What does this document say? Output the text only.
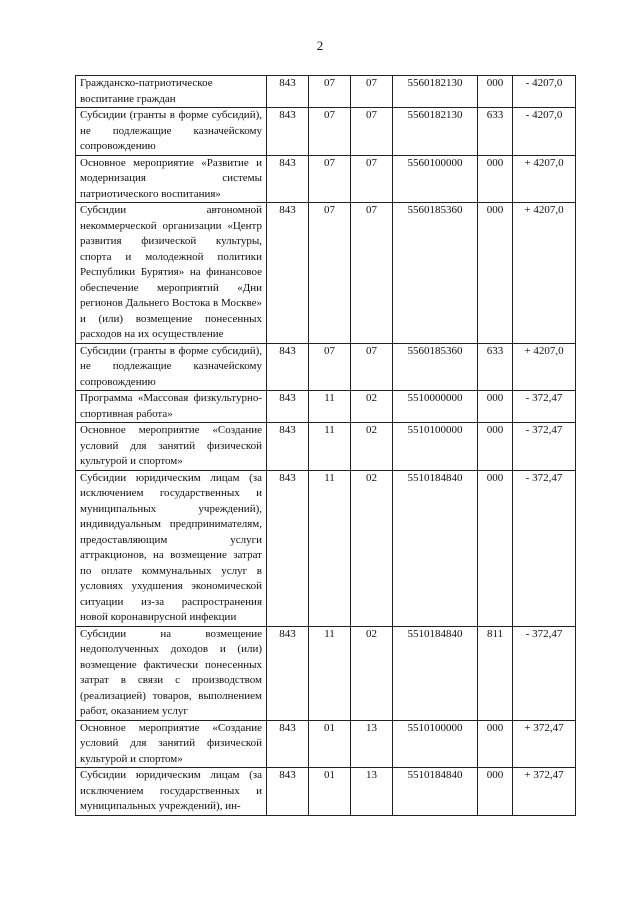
2
Гражданско-патриотическое воспитание граждан	843	07	07	5560182130	000	- 4207,0
Субсидии (гранты в форме субсидий), не подлежащие казначейскому сопровождению	843	07	07	5560182130	633	- 4207,0
Основное мероприятие «Развитие и модернизация системы патриотического воспитания»	843	07	07	5560100000	000	+ 4207,0
Субсидии автономной некоммерческой организации «Центр развития физической культуры, спорта и молодежной политики Республики Бурятия» на финансовое обеспечение мероприятий «Дни регионов Дальнего Востока в Москве» и (или) возмещение понесенных расходов на их осуществление	843	07	07	5560185360	000	+ 4207,0
Субсидии (гранты в форме субсидий), не подлежащие казначейскому сопровождению	843	07	07	5560185360	633	+ 4207,0
Программа «Массовая физкультурно-спортивная работа»	843	11	02	5510000000	000	- 372,47
Основное мероприятие «Создание условий для занятий физической культурой и спортом»	843	11	02	5510100000	000	- 372,47
Субсидии юридическим лицам (за исключением государственных и муниципальных учреждений), индивидуальным предпринимателям, предоставляющим услуги аттракционов, на возмещение затрат по оплате коммунальных услуг в условиях ухудшения экономической ситуации из-за распространения новой коронавирусной инфекции	843	11	02	5510184840	000	- 372,47
Субсидии на возмещение недополученных доходов и (или) возмещение фактически понесенных затрат в связи с производством (реализацией) товаров, выполнением работ, оказанием услуг	843	11	02	5510184840	811	- 372,47
Основное мероприятие «Создание условий для занятий физической культурой и спортом»	843	01	13	5510100000	000	+ 372,47
Субсидии юридическим лицам (за исключением государственных и муниципальных учреждений), ин-	843	01	13	5510184840	000	+ 372,47
